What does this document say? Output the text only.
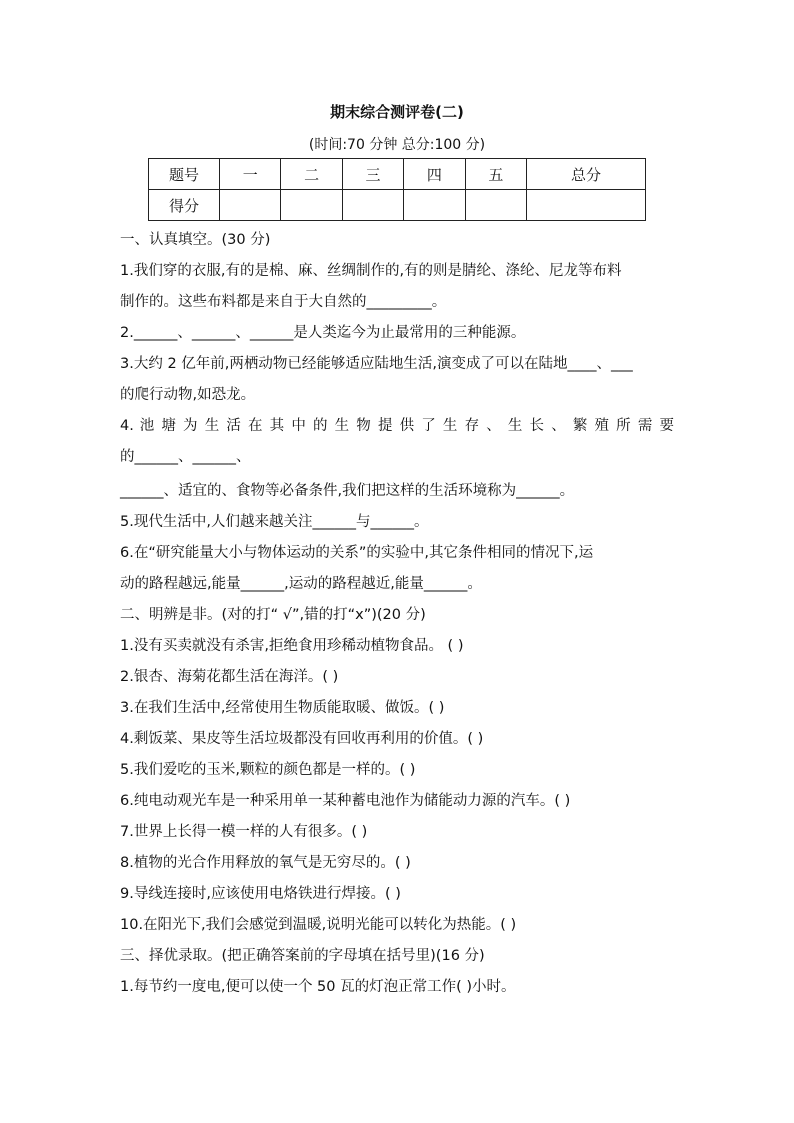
期末综合测评卷(二)
(时间:70 分钟 总分:100 分)
题号	一	二	三	四	五	总分
得分						
一、认真填空。(30 分)
1.我们穿的衣服,有的是棉、麻、丝绸制作的,有的则是腈纶、涤纶、尼龙等布料
制作的。这些布料都是来自于大自然的_________。
2.______、______、______是人类迄今为止最常用的三种能源。
3.大约 2 亿年前,两栖动物已经能够适应陆地生活,演变成了可以在陆地____、___
的爬行动物,如恐龙。
4. 池 塘 为 生 活 在 其 中 的 生 物 提 供 了 生 存 、 生 长 、 繁 殖 所 需 要
的______、______、
______、适宜的、食物等必备条件,我们把这样的生活环境称为______。
5.现代生活中,人们越来越关注______与______。
6.在“研究能量大小与物体运动的关系”的实验中,其它条件相同的情况下,运
动的路程越远,能量______,运动的路程越近,能量______。
二、明辨是非。(对的打“ √”,错的打“x”)(20 分)
1.没有买卖就没有杀害,拒绝食用珍稀动植物食品。 ( )
2.银杏、海菊花都生活在海洋。( )
3.在我们生活中,经常使用生物质能取暖、做饭。( )
4.剩饭菜、果皮等生活垃圾都没有回收再利用的价值。( )
5.我们爱吃的玉米,颗粒的颜色都是一样的。( )
6.纯电动观光车是一种采用单一某种蓄电池作为储能动力源的汽车。( )
7.世界上长得一模一样的人有很多。( )
8.植物的光合作用释放的氧气是无穷尽的。( )
9.导线连接时,应该使用电烙铁进行焊接。( )
10.在阳光下,我们会感觉到温暖,说明光能可以转化为热能。( )
三、择优录取。(把正确答案前的字母填在括号里)(16 分)
1.每节约一度电,便可以使一个 50 瓦的灯泡正常工作( )小时。
